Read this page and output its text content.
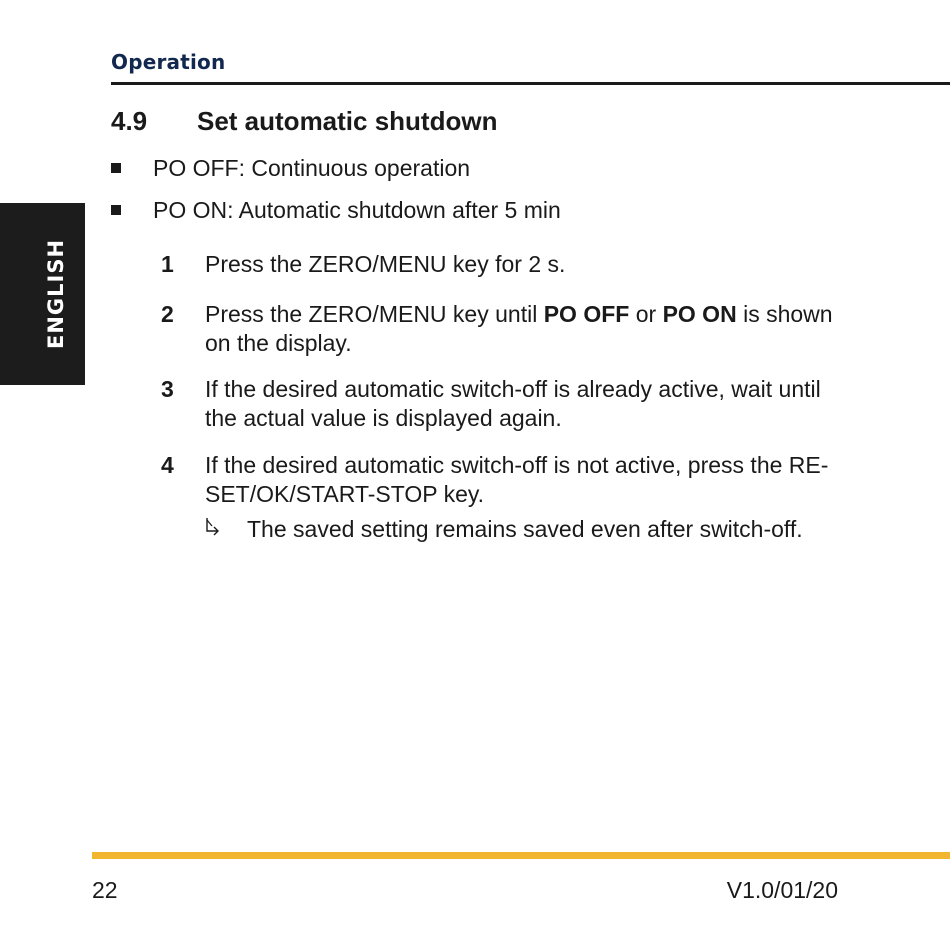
Operation
ENGLISH
4.9 Set automatic shutdown
PO OFF: Continuous operation
PO ON: Automatic shutdown after 5 min
1 Press the ZERO/MENU key for 2 s.
2 Press the ZERO/MENU key until PO OFF or PO ON is shown on the display.
3 If the desired automatic switch-off is already active, wait until the actual value is displayed again.
4 If the desired automatic switch-off is not active, press the RE-SET/OK/START-STOP key.
The saved setting remains saved even after switch-off.
22	V1.0/01/20
